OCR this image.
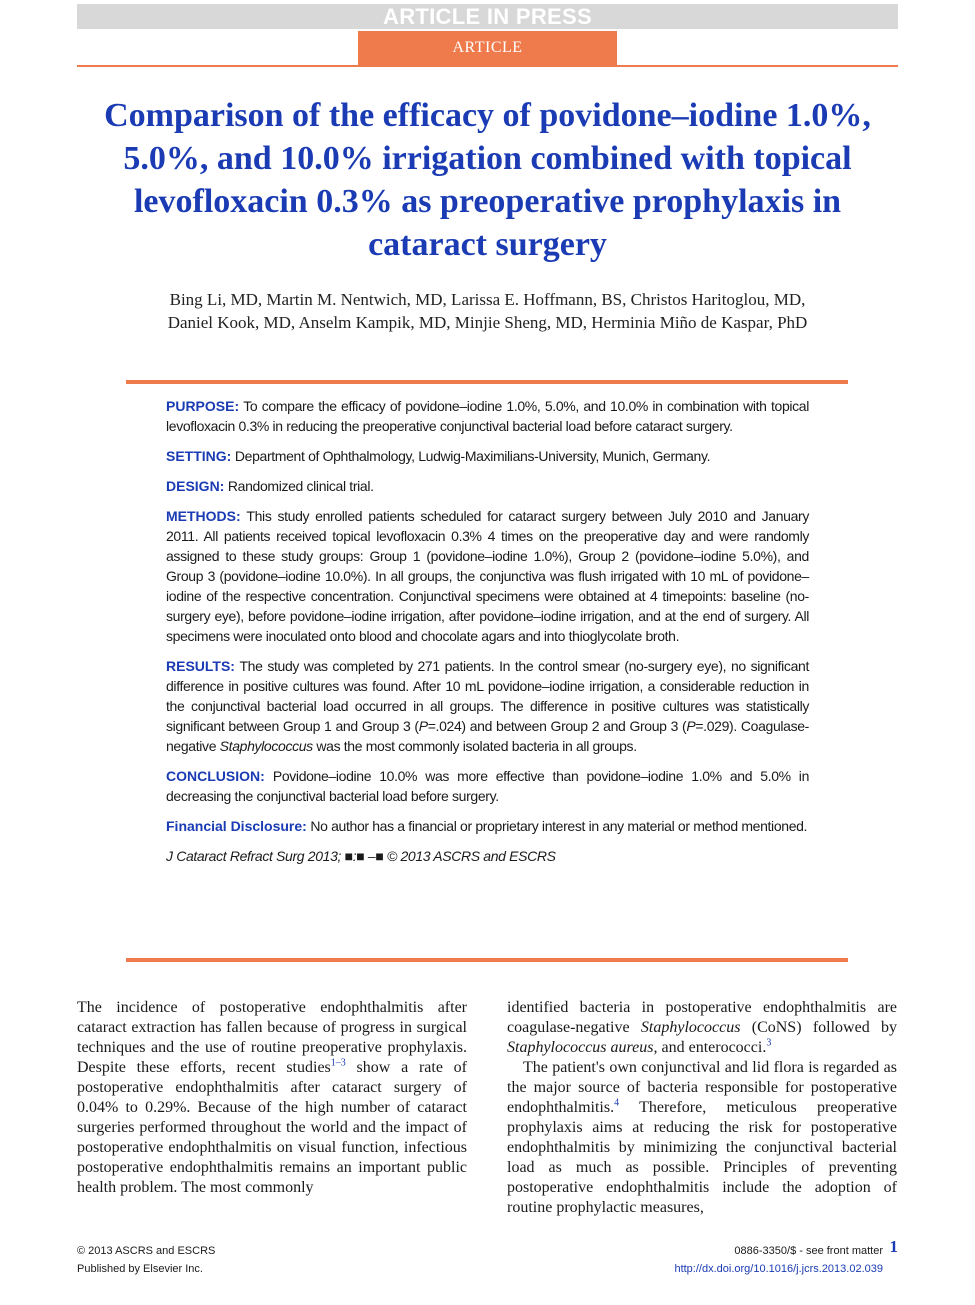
ARTICLE IN PRESS
ARTICLE
Comparison of the efficacy of povidone–iodine 1.0%, 5.0%, and 10.0% irrigation combined with topical levofloxacin 0.3% as preoperative prophylaxis in cataract surgery
Bing Li, MD, Martin M. Nentwich, MD, Larissa E. Hoffmann, BS, Christos Haritoglou, MD,
Daniel Kook, MD, Anselm Kampik, MD, Minjie Sheng, MD, Herminia Miño de Kaspar, PhD

PURPOSE: To compare the efficacy of povidone–iodine 1.0%, 5.0%, and 10.0% in combination with topical levofloxacin 0.3% in reducing the preoperative conjunctival bacterial load before cataract surgery.

SETTING: Department of Ophthalmology, Ludwig-Maximilians-University, Munich, Germany.

DESIGN: Randomized clinical trial.

METHODS: This study enrolled patients scheduled for cataract surgery between July 2010 and January 2011. All patients received topical levofloxacin 0.3% 4 times on the preoperative day and were randomly assigned to these study groups: Group 1 (povidone–iodine 1.0%), Group 2 (povidone–iodine 5.0%), and Group 3 (povidone–iodine 10.0%). In all groups, the conjunctiva was flush irrigated with 10 mL of povidone–iodine of the respective concentration. Conjunctival specimens were obtained at 4 timepoints: baseline (no-surgery eye), before povidone–iodine irrigation, after povidone–iodine irrigation, and at the end of surgery. All specimens were inoculated onto blood and chocolate agars and into thioglycolate broth.

RESULTS: The study was completed by 271 patients. In the control smear (no-surgery eye), no significant difference in positive cultures was found. After 10 mL povidone–iodine irrigation, a considerable reduction in the conjunctival bacterial load occurred in all groups. The difference in positive cultures was statistically significant between Group 1 and Group 3 (P=.024) and between Group 2 and Group 3 (P=.029). Coagulase-negative Staphylococcus was the most commonly isolated bacteria in all groups.

CONCLUSION: Povidone–iodine 10.0% was more effective than povidone–iodine 1.0% and 5.0% in decreasing the conjunctival bacterial load before surgery.

Financial Disclosure: No author has a financial or proprietary interest in any material or method mentioned.

J Cataract Refract Surg 2013; ■:■ –■ © 2013 ASCRS and ESCRS

The incidence of postoperative endophthalmitis after cataract extraction has fallen because of progress in surgical techniques and the use of routine preoperative prophylaxis. Despite these efforts, recent studies$^{1-3}$ show a rate of postoperative endophthalmitis after cataract surgery of 0.04% to 0.29%. Because of the high number of cataract surgeries performed throughout the world and the impact of postoperative endophthalmitis on visual function, infectious postoperative endophthalmitis remains an important public health problem. The most commonly

identified bacteria in postoperative endophthalmitis are coagulase-negative Staphylococcus (CoNS) followed by Staphylococcus aureus, and enterococci.$^3$

The patient's own conjunctival and lid flora is regarded as the major source of bacteria responsible for postoperative endophthalmitis.$^4$ Therefore, meticulous preoperative prophylaxis aims at reducing the risk for postoperative endophthalmitis by minimizing the conjunctival bacterial load as much as possible. Principles of preventing postoperative endophthalmitis include the adoption of routine prophylactic measures,

© 2013 ASCRS and ESCRS
Published by Elsevier Inc.
0886-3350/$ - see front matter
http://dx.doi.org/10.1016/j.jcrs.2013.02.039
1
